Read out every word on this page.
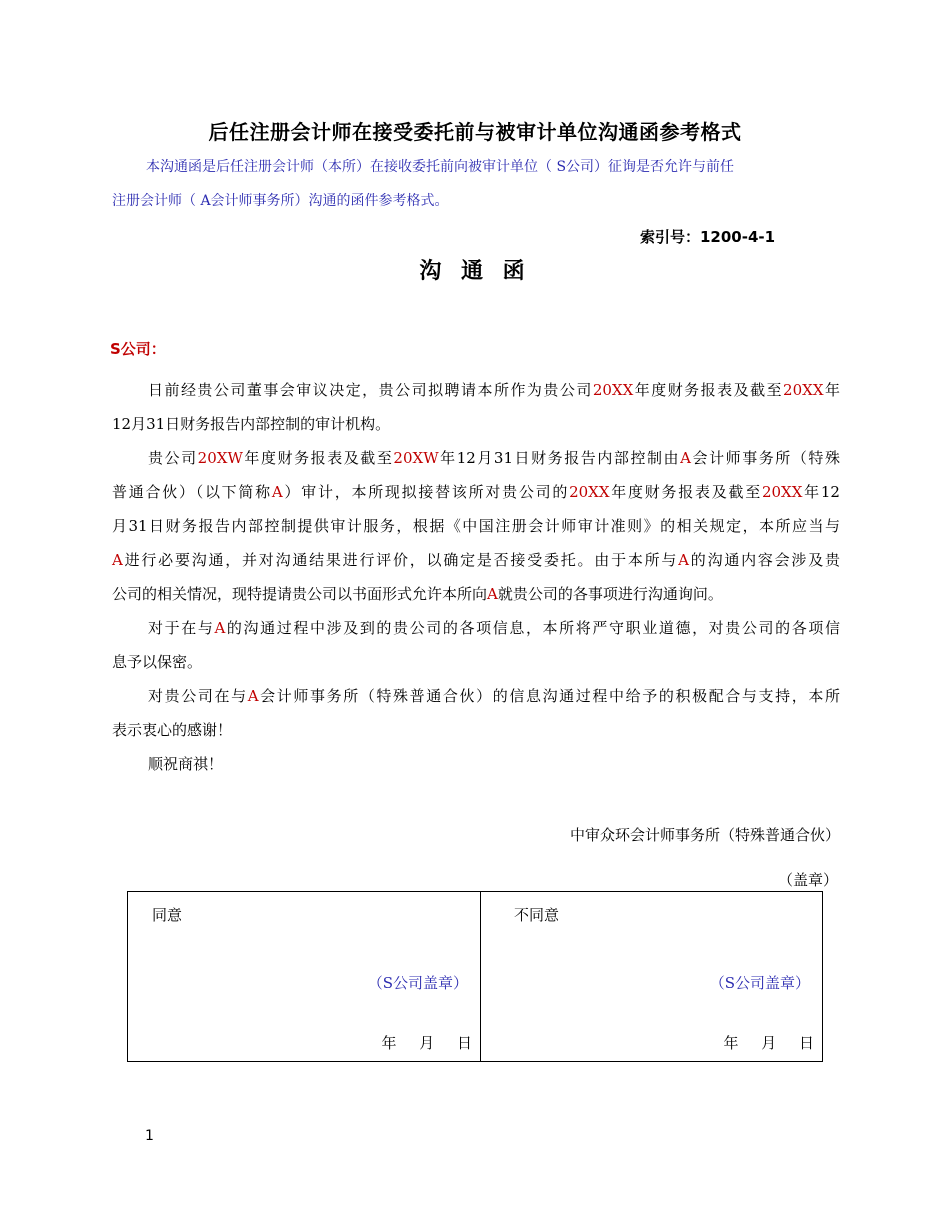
后任注册会计师在接受委托前与被审计单位沟通函参考格式
本沟通函是后任注册会计师（本所）在接收委托前向被审计单位（ S公司）征询是否允许与前任
注册会计师（ A会计师事务所）沟通的函件参考格式。
索引号：1200-4-1
沟 通 函
S公司：
日前经贵公司董事会审议决定，贵公司拟聘请本所作为贵公司20XX年度财务报表及截至20XX年
12月31日财务报告内部控制的审计机构。
贵公司20XW年度财务报表及截至20XW年12月31日财务报告内部控制由A会计师事务所（特殊
普通合伙）（以下简称A）审计，本所现拟接替该所对贵公司的20XX年度财务报表及截至20XX年12
月31日财务报告内部控制提供审计服务，根据《中国注册会计师审计准则》的相关规定，本所应当与
A进行必要沟通，并对沟通结果进行评价，以确定是否接受委托。由于本所与A的沟通内容会涉及贵
公司的相关情况，现特提请贵公司以书面形式允许本所向A就贵公司的各事项进行沟通询问。
对于在与A的沟通过程中涉及到的贵公司的各项信息，本所将严守职业道德，对贵公司的各项信
息予以保密。
对贵公司在与A会计师事务所（特殊普通合伙）的信息沟通过程中给予的积极配合与支持，本所
表示衷心的感谢！
顺祝商祺！
中审众环会计师事务所（特殊普通合伙）
（盖章）
同意
（S公司盖章）
年 月 日
不同意
（S公司盖章）
年 月 日
1
